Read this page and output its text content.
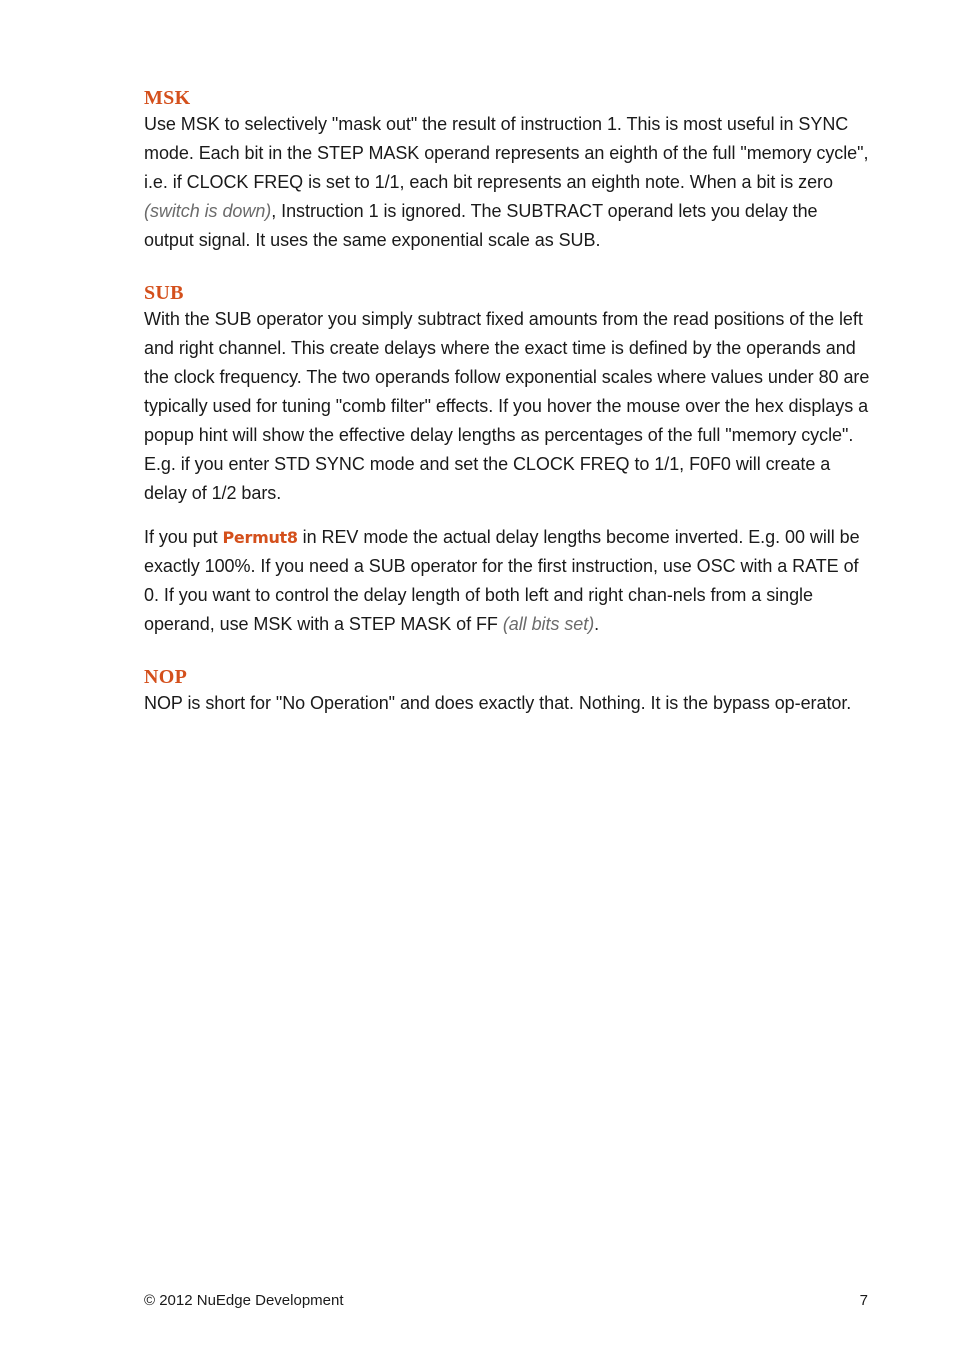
MSK

Use MSK to selectively "mask out" the result of instruction 1. This is most useful in SYNC mode. Each bit in the STEP MASK operand represents an eighth of the full "memory cycle", i.e. if CLOCK FREQ is set to 1/1, each bit represents an eighth note. When a bit is zero (switch is down), Instruction 1 is ignored. The SUBTRACT operand lets you delay the output signal. It uses the same exponential scale as SUB.

SUB

With the SUB operator you simply subtract fixed amounts from the read positions of the left and right channel. This create delays where the exact time is defined by the operands and the clock frequency. The two operands follow exponential scales where values under 80 are typically used for tuning "comb filter" effects. If you hover the mouse over the hex displays a popup hint will show the effective delay lengths as percentages of the full "memory cycle". E.g. if you enter STD SYNC mode and set the CLOCK FREQ to 1/1, F0F0 will create a delay of 1/2 bars.

If you put Permut8 in REV mode the actual delay lengths become inverted. E.g. 00 will be exactly 100%. If you need a SUB operator for the first instruction, use OSC with a RATE of 0. If you want to control the delay length of both left and right chan-nels from a single operand, use MSK with a STEP MASK of FF (all bits set).

NOP

NOP is short for "No Operation" and does exactly that. Nothing. It is the bypass op-erator.

© 2012 NuEdge Development	7
